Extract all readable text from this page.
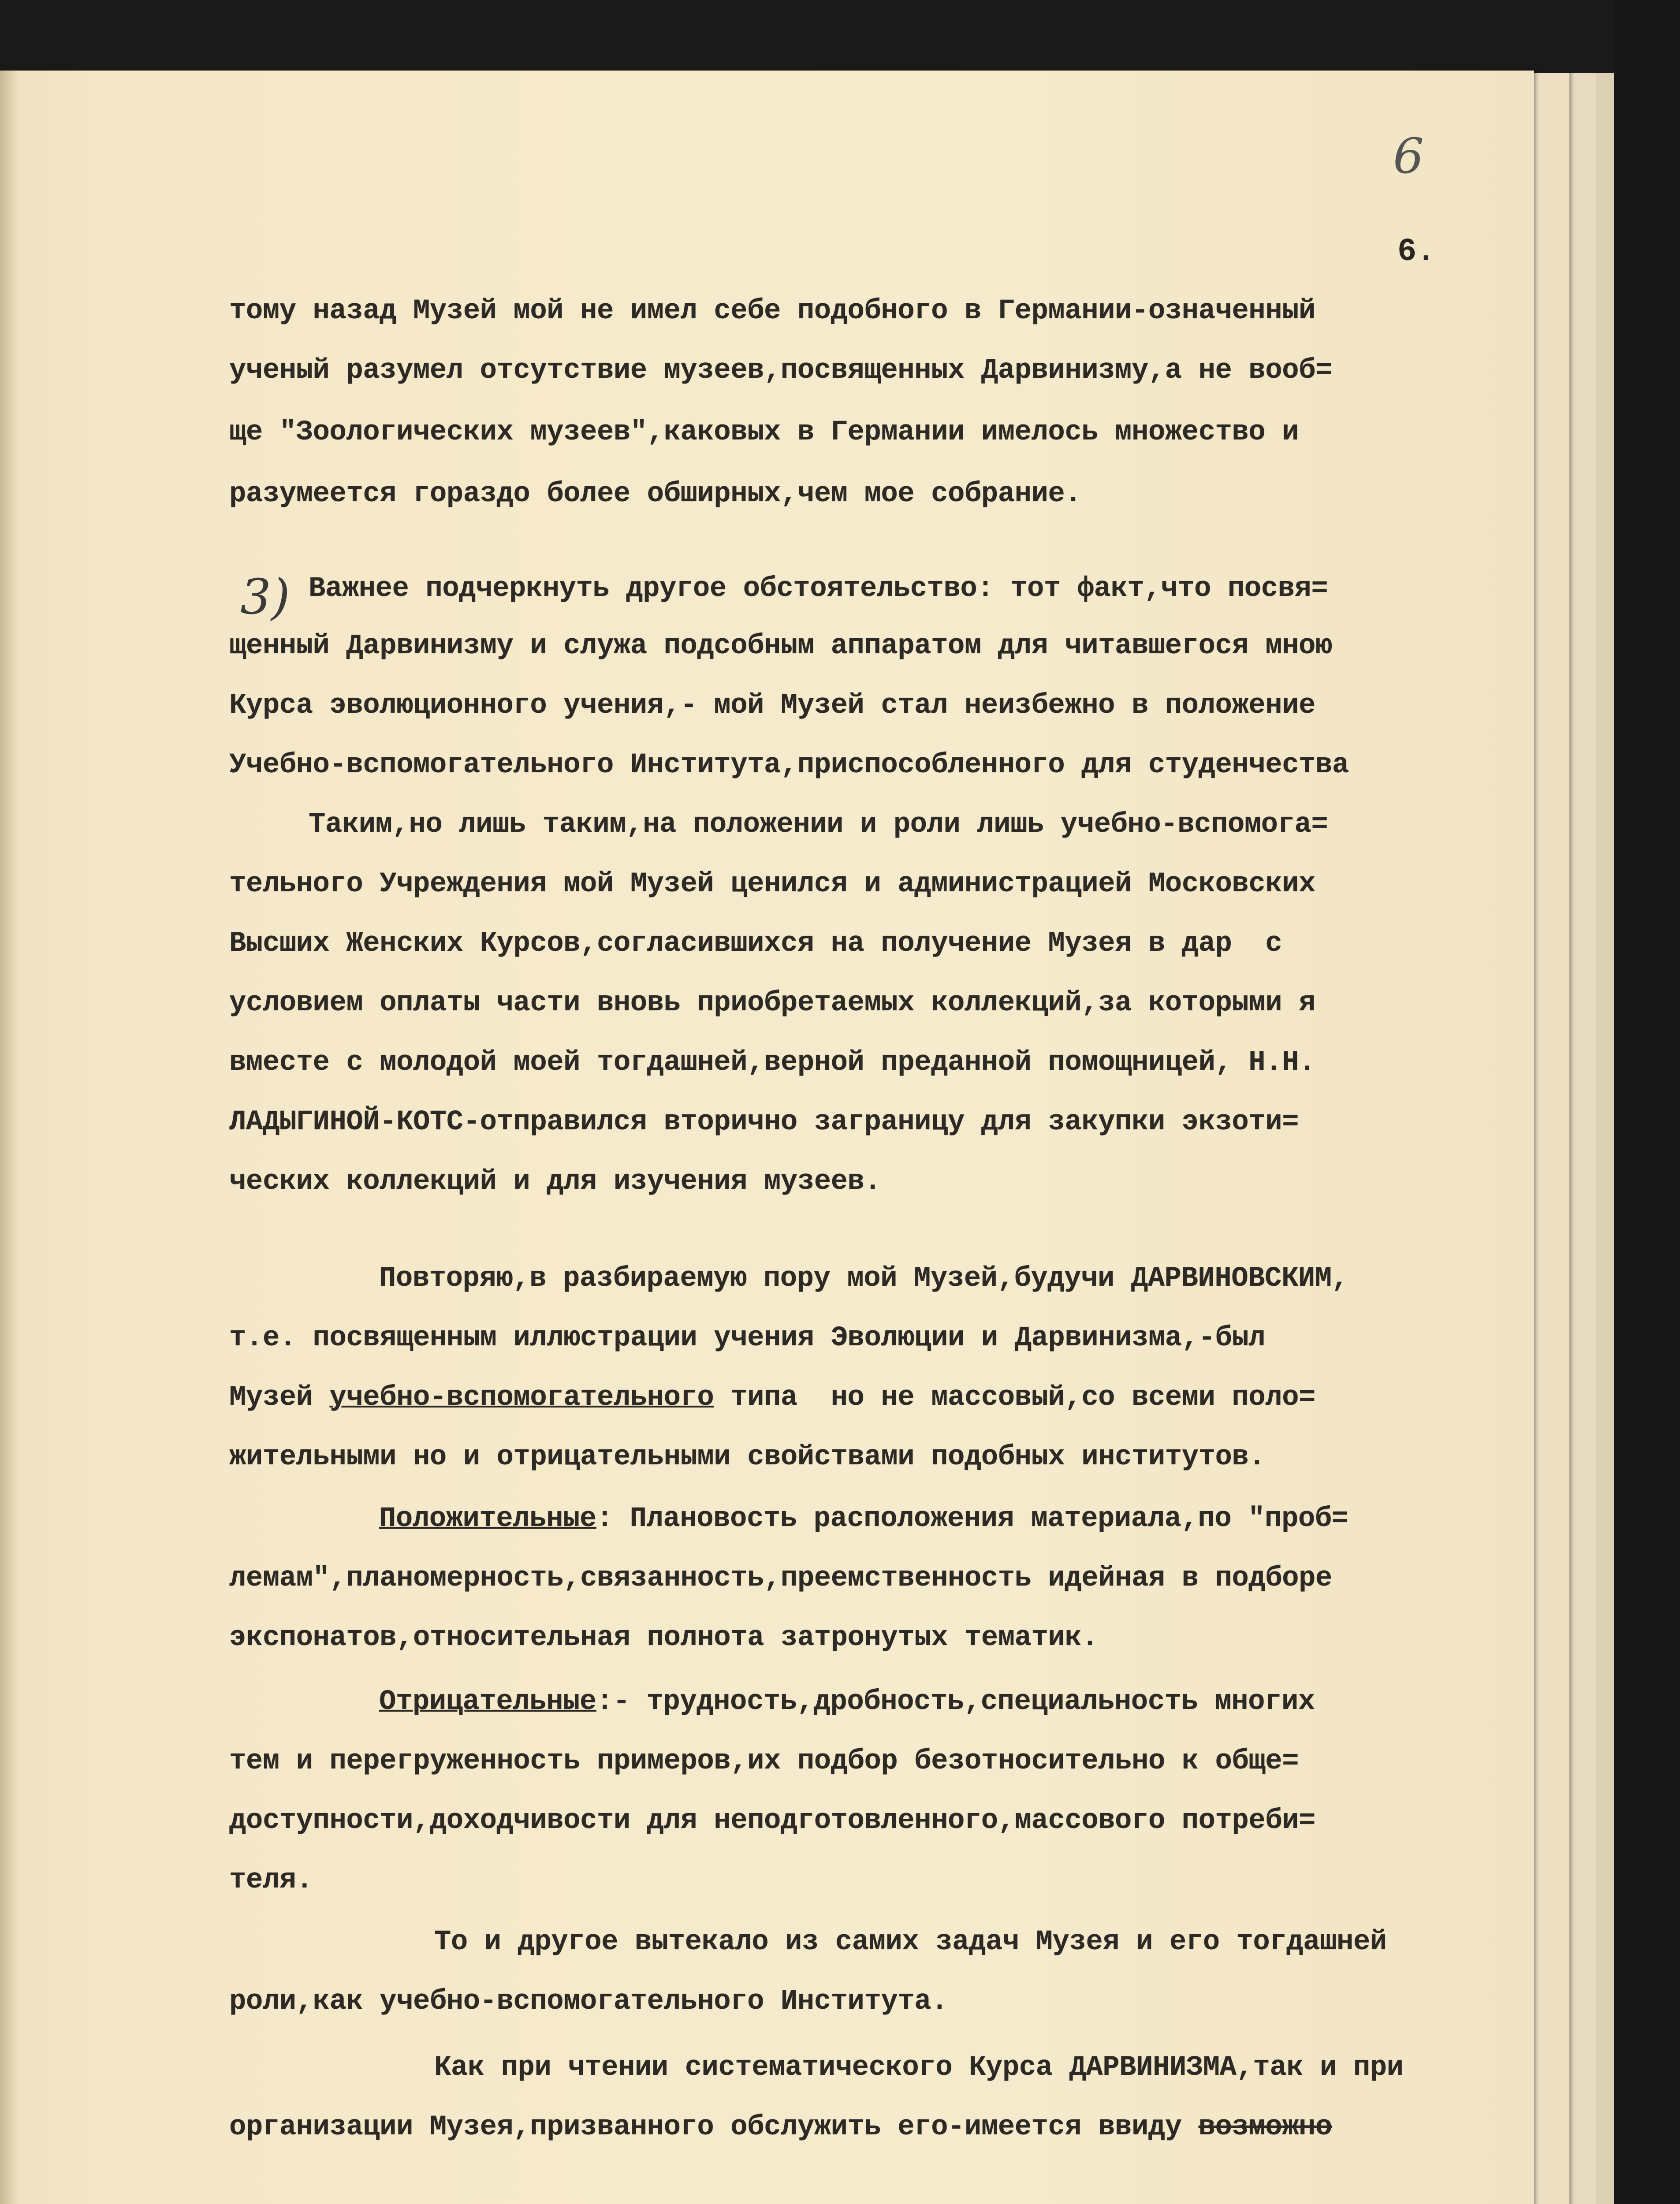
6
6.
3)
тому назад Музей мой не имел себе подобного в Германии-означенный
ученый разумел отсутствие музеев,посвященных Дарвинизму,а не вооб=
ще "Зоологических музеев",каковых в Германии имелось множество и
разумеется гораздо более обширных,чем мое собрание.
Важнее подчеркнуть другое обстоятельство: тот факт,что посвя=
щенный Дарвинизму и служа подсобным аппаратом для читавшегося мною
Курса эволюционного учения,- мой Музей стал неизбежно в положение
Учебно-вспомогательного Института,приспособленного для студенчества
Таким,но лишь таким,на положении и роли лишь учебно-вспомога=
тельного Учреждения мой Музей ценился и администрацией Московских
Высших Женских Курсов,согласившихся на получение Музея в дар  с
условием оплаты части вновь приобретаемых коллекций,за которыми я
вместе с молодой моей тогдашней,верной преданной помощницей, Н.Н.
ЛАДЫГИНОЙ-КОТС-отправился вторично заграницу для закупки экзоти=
ческих коллекций и для изучения музеев.
Повторяю,в разбираемую пору мой Музей,будучи ДАРВИНОВСКИМ,
т.е. посвященным иллюстрации учения Эволюции и Дарвинизма,-был
Музей учебно-вспомогательного типа  но не массовый,со всеми поло=
жительными но и отрицательными свойствами подобных институтов.
Положительные: Плановость расположения материала,по "проб=
лемам",планомерность,связанность,преемственность идейная в подборе
экспонатов,относительная полнота затронутых тематик.
Отрицательные:- трудность,дробность,специальность многих
тем и перегруженность примеров,их подбор безотносительно к обще=
доступности,доходчивости для неподготовленного,массового потреби=
теля.
То и другое вытекало из самих задач Музея и его тогдашней
роли,как учебно-вспомогательного Института.
Как при чтении систематического Курса ДАРВИНИЗМА,так и при
организации Музея,призванного обслужить его-имеется ввиду возможно
